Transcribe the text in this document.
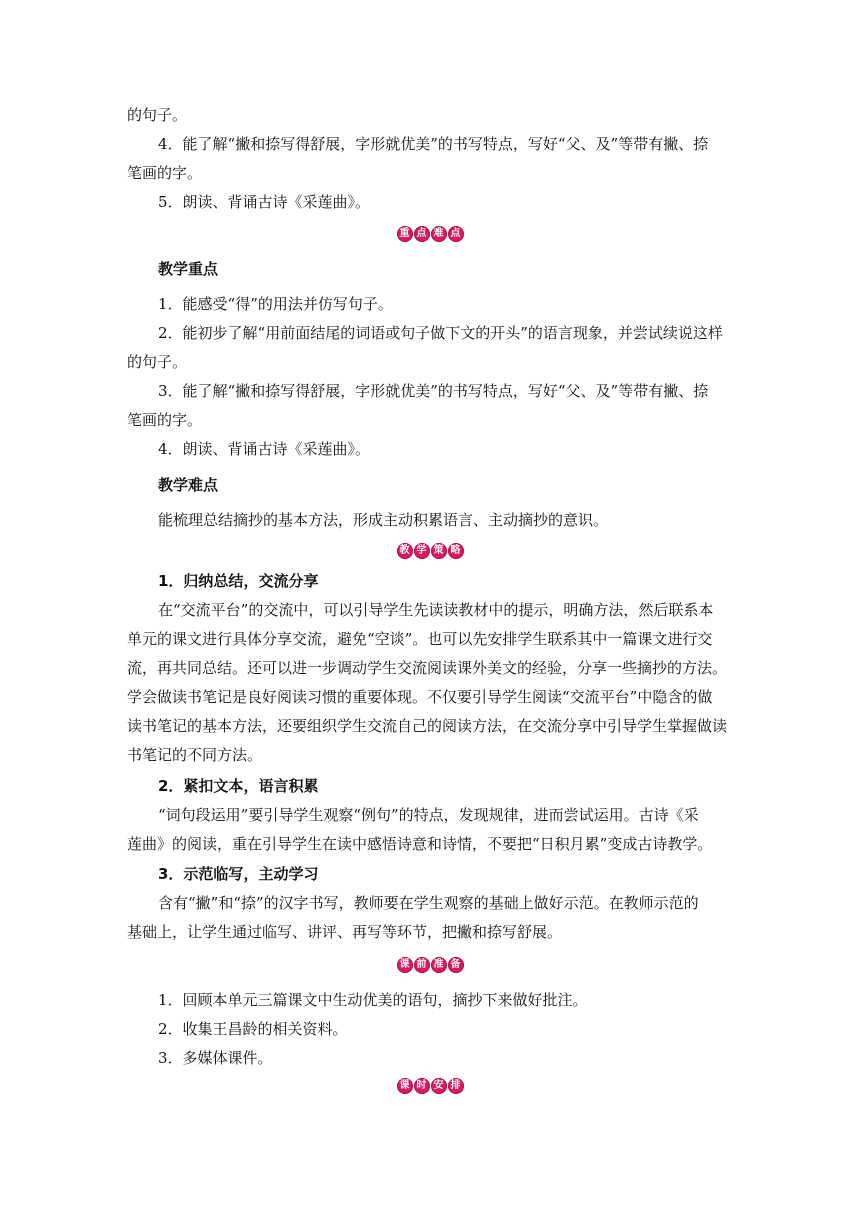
的句子。
4．能了解“撇和捺写得舒展，字形就优美”的书写特点，写好“父、及”等带有撇、捺
笔画的字。
5．朗读、背诵古诗《采莲曲》。
重 点 难 点
教学重点
1．能感受“得”的用法并仿写句子。
2．能初步了解“用前面结尾的词语或句子做下文的开头”的语言现象，并尝试续说这样
的句子。
3．能了解“撇和捺写得舒展，字形就优美”的书写特点，写好“父、及”等带有撇、捺
笔画的字。
4．朗读、背诵古诗《采莲曲》。
教学难点
能梳理总结摘抄的基本方法，形成主动积累语言、主动摘抄的意识。
教 学 策 略
1．归纳总结，交流分享
在“交流平台”的交流中，可以引导学生先读读教材中的提示，明确方法，然后联系本
单元的课文进行具体分享交流，避免“空谈”。也可以先安排学生联系其中一篇课文进行交
流，再共同总结。还可以进一步调动学生交流阅读课外美文的经验，分享一些摘抄的方法。
学会做读书笔记是良好阅读习惯的重要体现。不仅要引导学生阅读“交流平台”中隐含的做
读书笔记的基本方法，还要组织学生交流自己的阅读方法，在交流分享中引导学生掌握做读
书笔记的不同方法。
2．紧扣文本，语言积累
“词句段运用”要引导学生观察“例句”的特点，发现规律，进而尝试运用。古诗《采
莲曲》的阅读，重在引导学生在读中感悟诗意和诗情，不要把“日积月累”变成古诗教学。
3．示范临写，主动学习
含有“撇”和“捺”的汉字书写，教师要在学生观察的基础上做好示范。在教师示范的
基础上，让学生通过临写、讲评、再写等环节，把撇和捺写舒展。
课 前 准 备
1．回顾本单元三篇课文中生动优美的语句，摘抄下来做好批注。
2．收集王昌龄的相关资料。
3．多媒体课件。
课 时 安 排
